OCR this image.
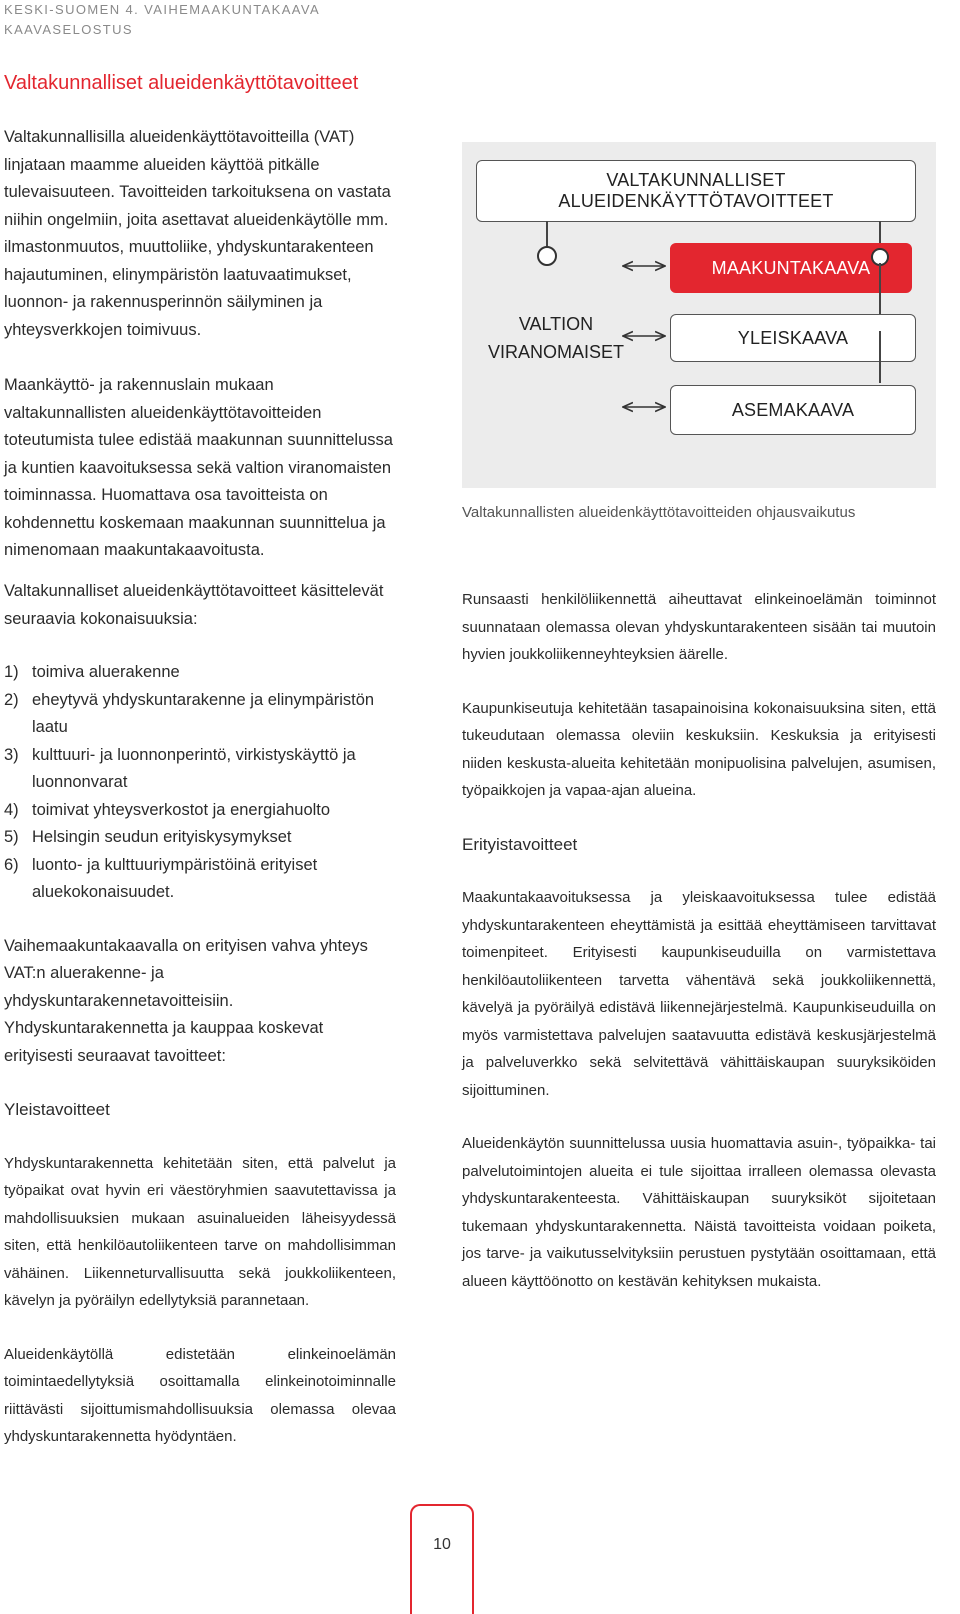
KESKI-SUOMEN 4. VAIHEMAAKUNTAKAAVA
KAAVASELOSTUS
Valtakunnalliset alueidenkäyttötavoitteet

Valtakunnallisilla alueidenkäyttötavoitteilla (VAT) linjataan maamme alueiden käyttöä pitkälle tulevaisuuteen. Tavoitteiden tarkoituksena on vastata niihin ongelmiin, joita asettavat alueidenkäytölle mm. ilmastonmuutos, muuttoliike, yhdyskuntarakenteen hajautuminen, elinympäristön laatuvaatimukset, luonnon- ja rakennusperinnön säilyminen ja yhteysverkkojen toimivuus.

Maankäyttö- ja rakennuslain mukaan valtakunnallisten alueidenkäyttötavoitteiden toteutumista tulee edistää maakunnan suunnittelussa ja kuntien kaavoituksessa sekä valtion viranomaisten toiminnassa. Huomattava osa tavoitteista on kohdennettu koskemaan maakunnan suunnittelua ja nimenomaan maakuntakaavoitusta.

Valtakunnalliset alueidenkäyttötavoitteet käsittelevät seuraavia kokonaisuuksia:

1) toimiva aluerakenne
2) eheytyvä yhdyskuntarakenne ja elinympäristön laatu
3) kulttuuri- ja luonnonperintö, virkistyskäyttö ja luonnonvarat
4) toimivat yhteysverkostot ja energiahuolto
5) Helsingin seudun erityiskysymykset
6) luonto- ja kulttuuriympäristöinä erityiset aluekokonaisuudet.

Vaihemaakuntakaavalla on erityisen vahva yhteys VAT:n aluerakenne- ja yhdyskuntarakennetavoitteisiin. Yhdyskuntarakennetta ja kauppaa koskevat erityisesti seuraavat tavoitteet:

Yleistavoitteet

Yhdyskuntarakennetta kehitetään siten, että palvelut ja työpaikat ovat hyvin eri väestöryhmien saavutettavissa ja mahdollisuuksien mukaan asuinalueiden läheisyydessä siten, että henkilöautoliikenteen tarve on mahdollisimman vähäinen. Liikenneturvallisuutta sekä joukkoliikenteen, kävelyn ja pyöräilyn edellytyksiä parannetaan.

Alueidenkäytöllä edistetään elinkeinoelämän toimintaedellytyksiä osoittamalla elinkeinotoiminnalle riittävästi sijoittumismahdollisuuksia olemassa olevaa yhdyskuntarakennetta hyödyntäen.

VALTAKUNNALLISET ALUEIDENKÄYTTÖTAVOITTEET
MAAKUNTAKAAVA
YLEISKAAVA
ASEMAKAAVA
VALTION VIRANOMAISET
Valtakunnallisten alueidenkäyttötavoitteiden ohjausvaikutus

Runsaasti henkilöliikennettä aiheuttavat elinkeinoelämän toiminnot suunnataan olemassa olevan yhdyskuntarakenteen sisään tai muutoin hyvien joukkoliikenneyhteyksien äärelle.

Kaupunkiseutuja kehitetään tasapainoisina kokonaisuuksina siten, että tukeudutaan olemassa oleviin keskuksiin. Keskuksia ja erityisesti niiden keskusta-alueita kehitetään monipuolisina palvelujen, asumisen, työpaikkojen ja vapaa-ajan alueina.

Erityistavoitteet

Maakuntakaavoituksessa ja yleiskaavoituksessa tulee edistää yhdyskuntarakenteen eheyttämistä ja esittää eheyttämiseen tarvittavat toimenpiteet. Erityisesti kaupunkiseuduilla on varmistettava henkilöautoliikenteen tarvetta vähentävä sekä joukkoliikennettä, kävelyä ja pyöräilyä edistävä liikennejärjestelmä. Kaupunkiseuduilla on myös varmistettava palvelujen saatavuutta edistävä keskusjärjestelmä ja palveluverkko sekä selvitettävä vähittäiskaupan suuryksiköiden sijoittuminen.

Alueidenkäytön suunnittelussa uusia huomattavia asuin-, työpaikka- tai palvelutoimintojen alueita ei tule sijoittaa irralleen olemassa olevasta yhdyskuntarakenteesta. Vähittäiskaupan suuryksiköt sijoitetaan tukemaan yhdyskuntarakennetta. Näistä tavoitteista voidaan poiketa, jos tarve- ja vaikutusselvityksiin perustuen pystytään osoittamaan, että alueen käyttöönotto on kestävän kehityksen mukaista.

10
